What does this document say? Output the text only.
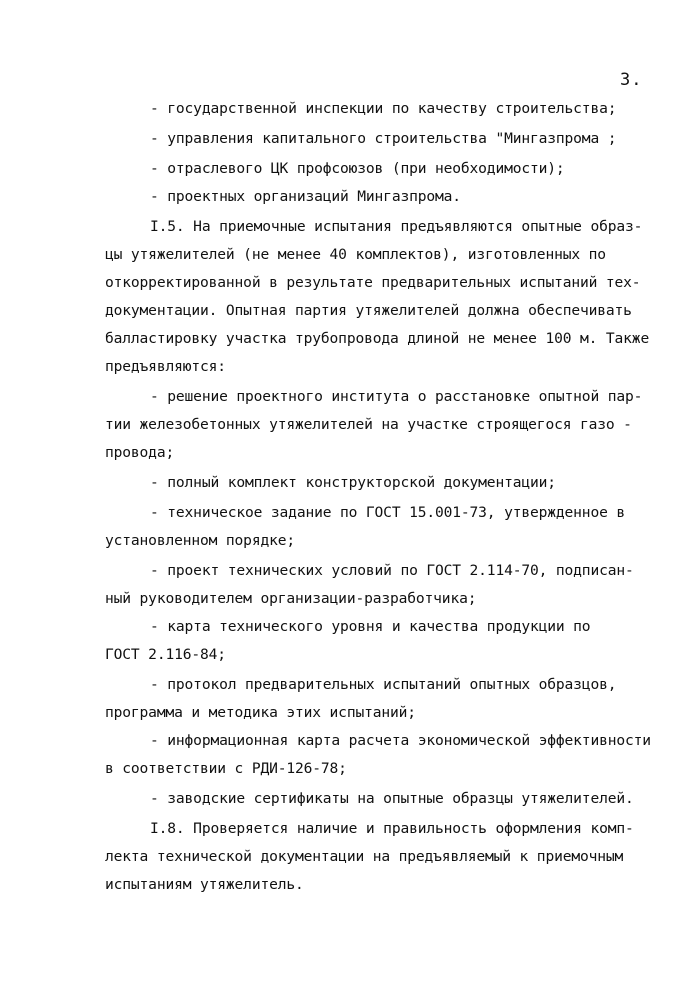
3.
- государственной инспекции по качеству строительства;
- управления капитального строительства "Мингазпрома ;
- отраслевого ЦК профсоюзов (при необходимости);
- проектных организаций Мингазпрома.
I.5. На приемочные испытания предъявляются опытные образ-
цы утяжелителей (не менее 40 комплектов), изготовленных по
откорректированной в результате предварительных испытаний тех-
документации. Опытная партия утяжелителей должна обеспечивать
балластировку участка трубопровода длиной не менее 100 м. Также
предъявляются:
- решение проектного института о расстановке опытной пар-
тии железобетонных утяжелителей на участке строящегося газо -
провода;
- полный комплект конструкторской документации;
- техническое задание по ГОСТ 15.001-73, утвержденное в
установленном порядке;
- проект технических условий по ГОСТ 2.114-70, подписан-
ный руководителем организации-разработчика;
- карта технического уровня и качества продукции по
ГОСТ 2.116-84;
- протокол предварительных испытаний опытных образцов,
программа и методика этих испытаний;
- информационная карта расчета экономической эффективности
в соответствии с РДИ-126-78;
- заводские сертификаты на опытные образцы утяжелителей.
I.8. Проверяется наличие и правильность оформления комп-
лекта технической документации на предъявляемый к приемочным
испытаниям утяжелитель.
